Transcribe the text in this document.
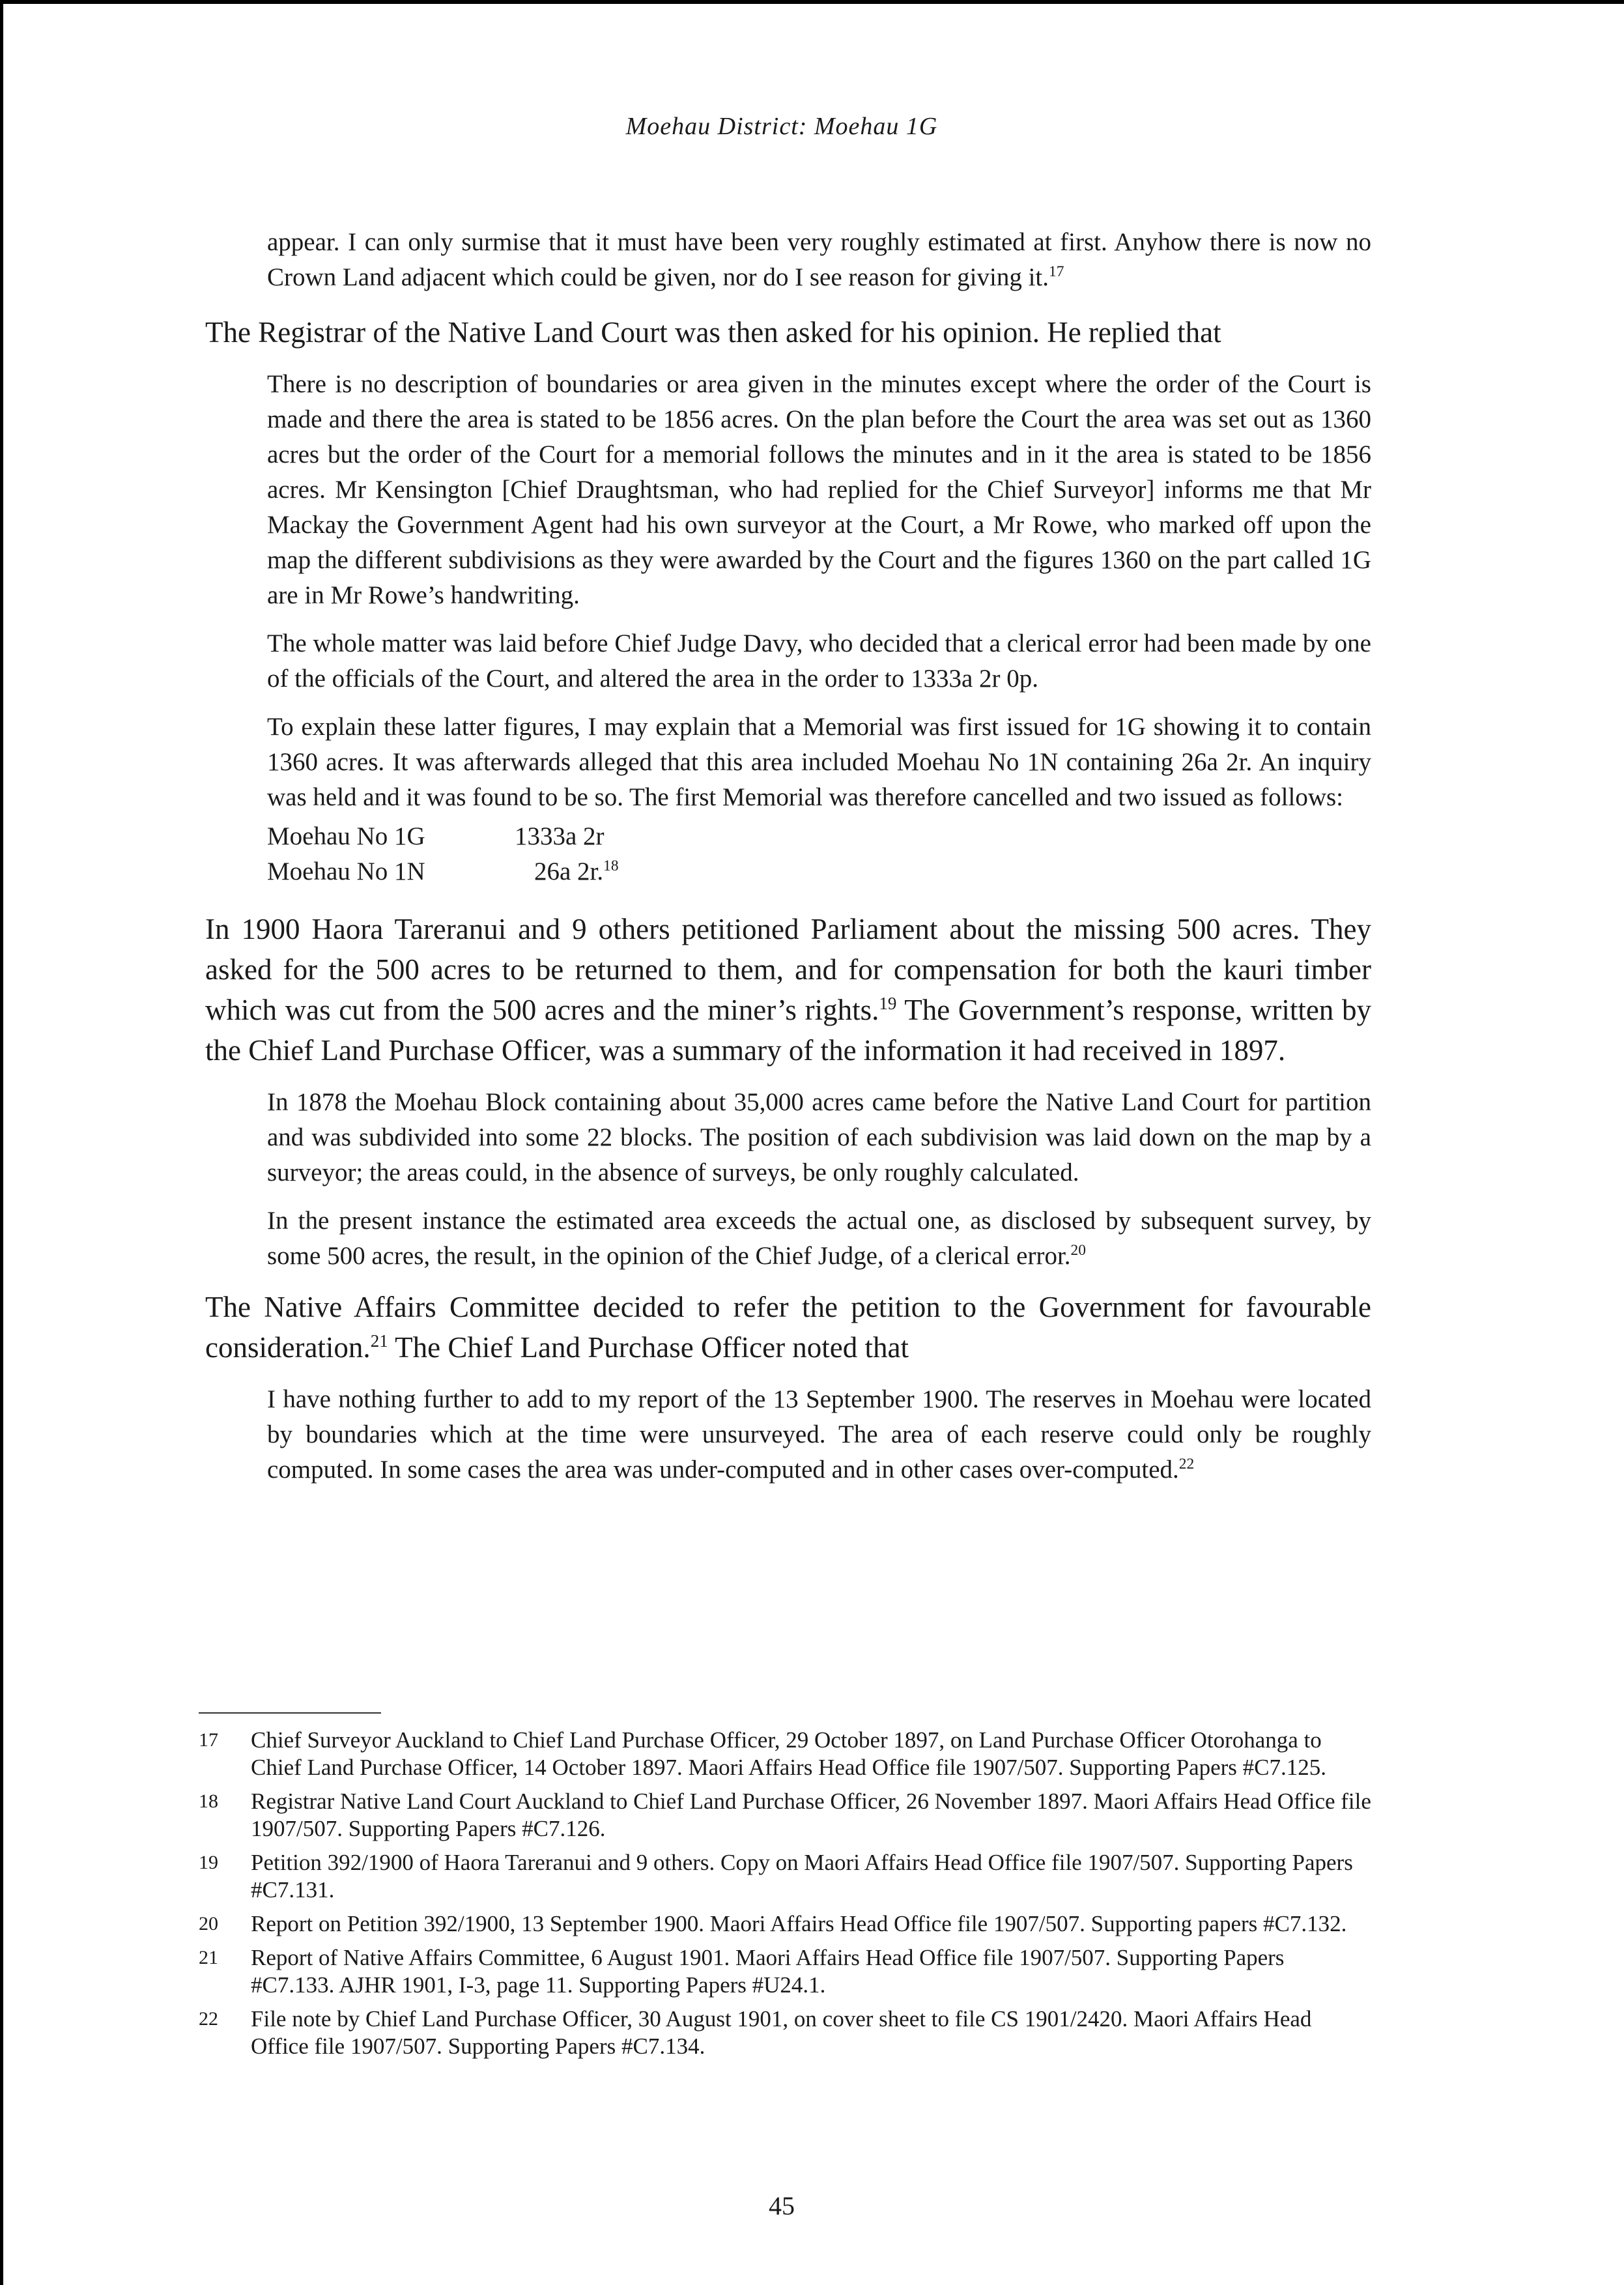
Moehau District: Moehau 1G

appear. I can only surmise that it must have been very roughly estimated at first. Anyhow there is now no Crown Land adjacent which could be given, nor do I see reason for giving it.$^{17}$

The Registrar of the Native Land Court was then asked for his opinion. He replied that

There is no description of boundaries or area given in the minutes except where the order of the Court is made and there the area is stated to be 1856 acres. On the plan before the Court the area was set out as 1360 acres but the order of the Court for a memorial follows the minutes and in it the area is stated to be 1856 acres. Mr Kensington [Chief Draughtsman, who had replied for the Chief Surveyor] informs me that Mr Mackay the Government Agent had his own surveyor at the Court, a Mr Rowe, who marked off upon the map the different subdivisions as they were awarded by the Court and the figures 1360 on the part called 1G are in Mr Rowe’s handwriting.

The whole matter was laid before Chief Judge Davy, who decided that a clerical error had been made by one of the officials of the Court, and altered the area in the order to 1333a 2r 0p.

To explain these latter figures, I may explain that a Memorial was first issued for 1G showing it to contain 1360 acres. It was afterwards alleged that this area included Moehau No 1N containing 26a 2r. An inquiry was held and it was found to be so. The first Memorial was therefore cancelled and two issued as follows:

Moehau No 1G	1333a 2r
Moehau No 1N	26a 2r.$^{18}$

In 1900 Haora Tareranui and 9 others petitioned Parliament about the missing 500 acres. They asked for the 500 acres to be returned to them, and for compensation for both the kauri timber which was cut from the 500 acres and the miner’s rights.$^{19}$ The Government’s response, written by the Chief Land Purchase Officer, was a summary of the information it had received in 1897.

In 1878 the Moehau Block containing about 35,000 acres came before the Native Land Court for partition and was subdivided into some 22 blocks. The position of each subdivision was laid down on the map by a surveyor; the areas could, in the absence of surveys, be only roughly calculated.

In the present instance the estimated area exceeds the actual one, as disclosed by subsequent survey, by some 500 acres, the result, in the opinion of the Chief Judge, of a clerical error.$^{20}$

The Native Affairs Committee decided to refer the petition to the Government for favourable consideration.$^{21}$ The Chief Land Purchase Officer noted that

I have nothing further to add to my report of the 13 September 1900. The reserves in Moehau were located by boundaries which at the time were unsurveyed. The area of each reserve could only be roughly computed. In some cases the area was under-computed and in other cases over-computed.$^{22}$

17	Chief Surveyor Auckland to Chief Land Purchase Officer, 29 October 1897, on Land Purchase Officer Otorohanga to Chief Land Purchase Officer, 14 October 1897. Maori Affairs Head Office file 1907/507. Supporting Papers #C7.125.
18	Registrar Native Land Court Auckland to Chief Land Purchase Officer, 26 November 1897. Maori Affairs Head Office file 1907/507. Supporting Papers #C7.126.
19	Petition 392/1900 of Haora Tareranui and 9 others. Copy on Maori Affairs Head Office file 1907/507. Supporting Papers #C7.131.
20	Report on Petition 392/1900, 13 September 1900. Maori Affairs Head Office file 1907/507. Supporting papers #C7.132.
21	Report of Native Affairs Committee, 6 August 1901. Maori Affairs Head Office file 1907/507. Supporting Papers #C7.133. AJHR 1901, I-3, page 11. Supporting Papers #U24.1.
22	File note by Chief Land Purchase Officer, 30 August 1901, on cover sheet to file CS 1901/2420. Maori Affairs Head Office file 1907/507. Supporting Papers #C7.134.
45
